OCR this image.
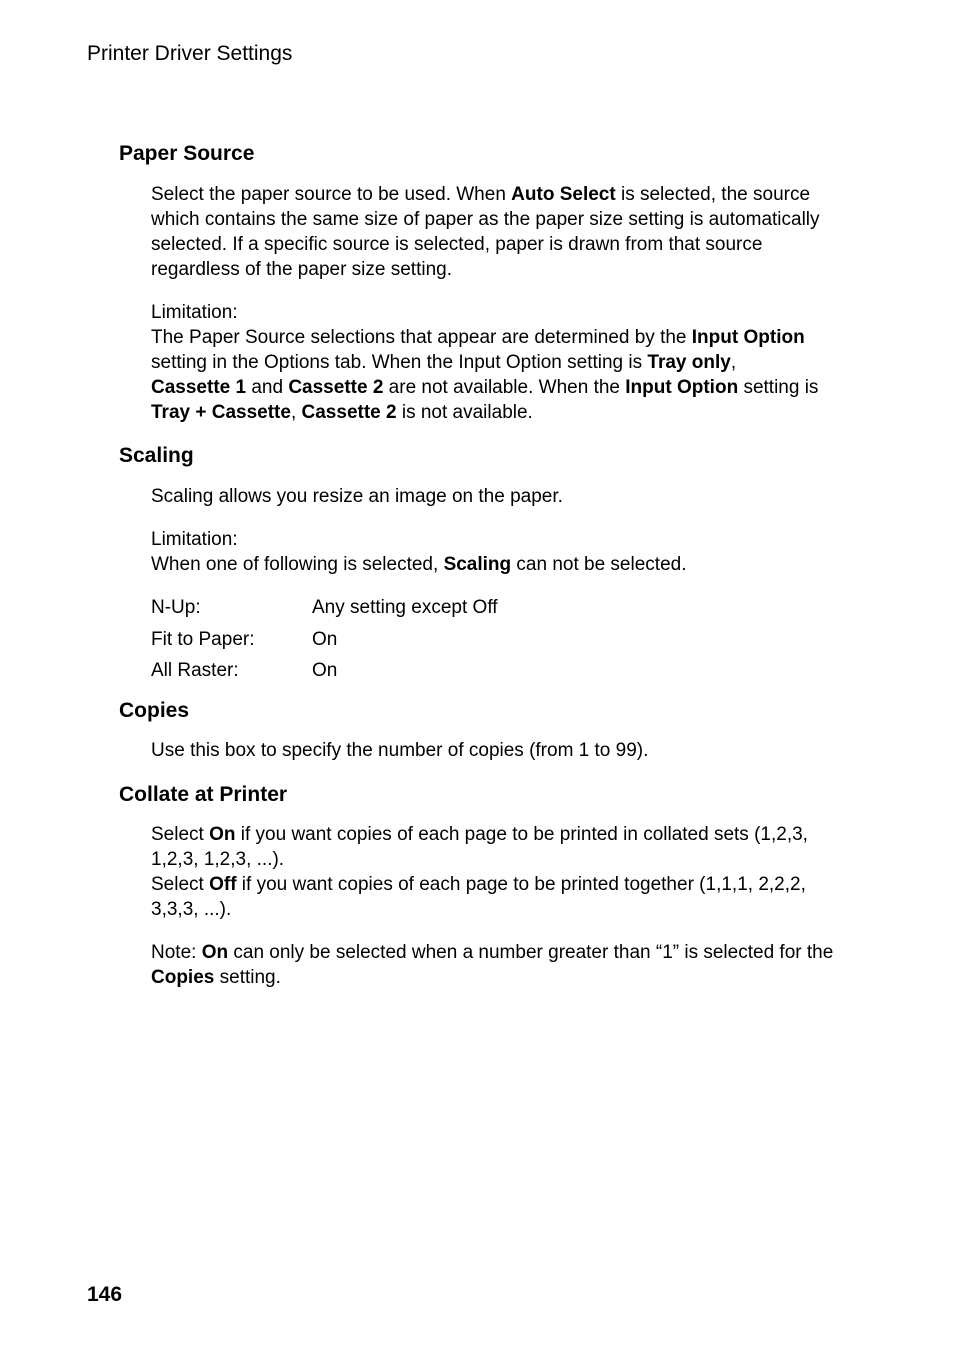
Printer Driver Settings
Paper Source

Select the paper source to be used. When Auto Select is selected, the source which contains the same size of paper as the paper size setting is automatically selected. If a specific source is selected, paper is drawn from that source regardless of the paper size setting.

Limitation:

The Paper Source selections that appear are determined by the Input Option setting in the Options tab. When the Input Option setting is Tray only,
Cassette 1 and Cassette 2 are not available. When the Input Option setting is Tray + Cassette, Cassette 2 is not available.

Scaling

Scaling allows you resize an image on the paper.

Limitation:

When one of following is selected, Scaling can not be selected.

N-Up:	Any setting except Off
Fit to Paper:	On
All Raster:	On
Copies

Use this box to specify the number of copies (from 1 to 99).

Collate at Printer

Select On if you want copies of each page to be printed in collated sets (1,2,3, 1,2,3, 1,2,3, ...).

Select Off if you want copies of each page to be printed together (1,1,1, 2,2,2, 3,3,3, ...).

Note: On can only be selected when a number greater than “1” is selected for the Copies setting.

146
